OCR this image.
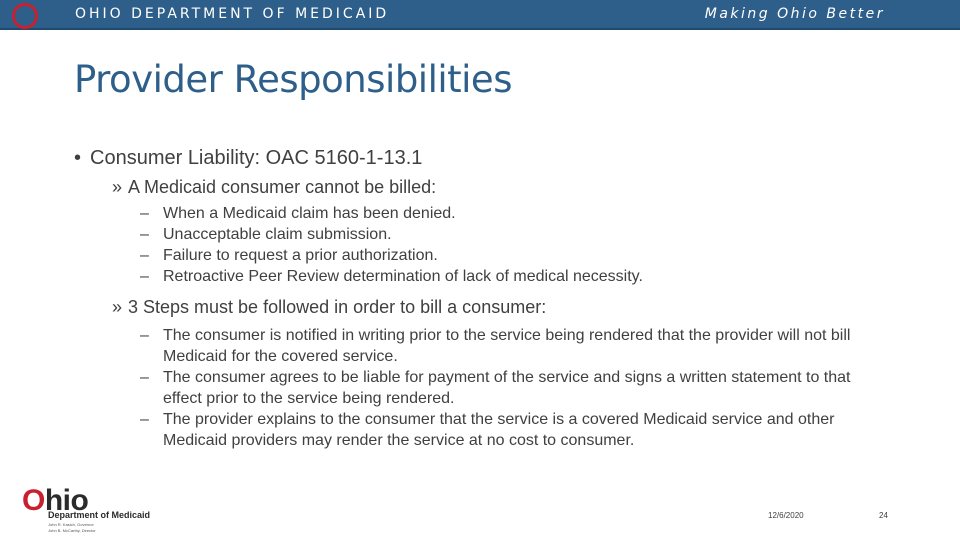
OHIO DEPARTMENT OF MEDICAID	Making Ohio Better
Provider Responsibilities
• Consumer Liability: OAC 5160-1-13.1
» A Medicaid consumer cannot be billed:
– When a Medicaid claim has been denied.
– Unacceptable claim submission.
– Failure to request a prior authorization.
– Retroactive Peer Review determination of lack of medical necessity.
» 3 Steps must be followed in order to bill a consumer:
– The consumer is notified in writing prior to the service being rendered that the provider will not bill Medicaid for the covered service.
– The consumer agrees to be liable for payment of the service and signs a written statement to that effect prior to the service being rendered.
– The provider explains to the consumer that the service is a covered Medicaid service and other Medicaid providers may render the service at no cost to consumer.
Ohio
Department of Medicaid
John R. Kasich, Governor
John B. McCarthy, Director
12/6/2020	24
